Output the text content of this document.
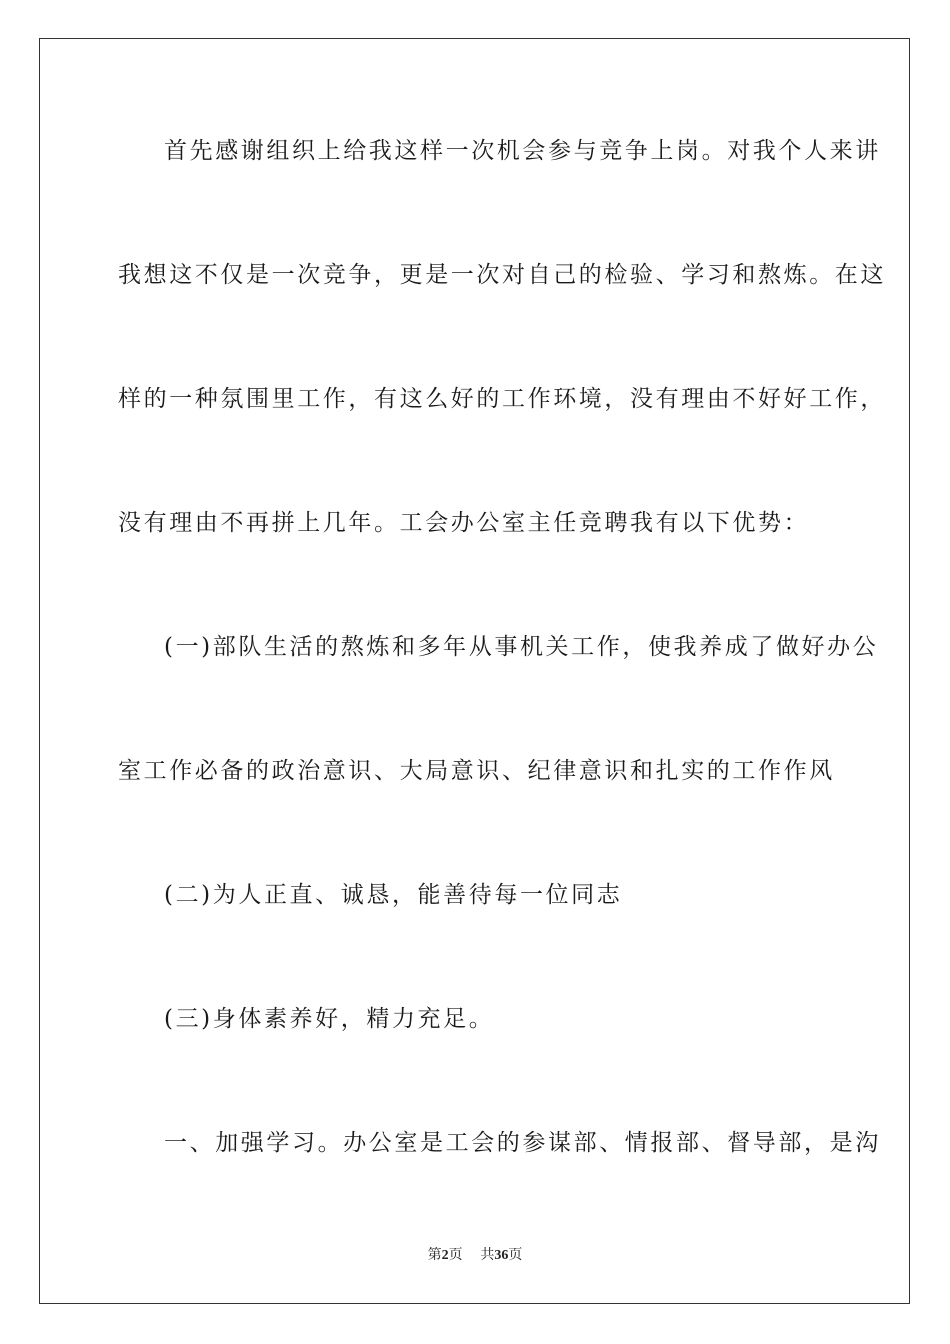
首先感谢组织上给我这样一次机会参与竞争上岗。对我个人来讲
我想这不仅是一次竞争，更是一次对自己的检验、学习和熬炼。在这
样的一种氛围里工作，有这么好的工作环境，没有理由不好好工作，
没有理由不再拼上几年。工会办公室主任竞聘我有以下优势：
(一)部队生活的熬炼和多年从事机关工作，使我养成了做好办公
室工作必备的政治意识、大局意识、纪律意识和扎实的工作作风
(二)为人正直、诚恳，能善待每一位同志
(三)身体素养好，精力充足。
一、加强学习。办公室是工会的参谋部、情报部、督导部，是沟
第2页 共36页
